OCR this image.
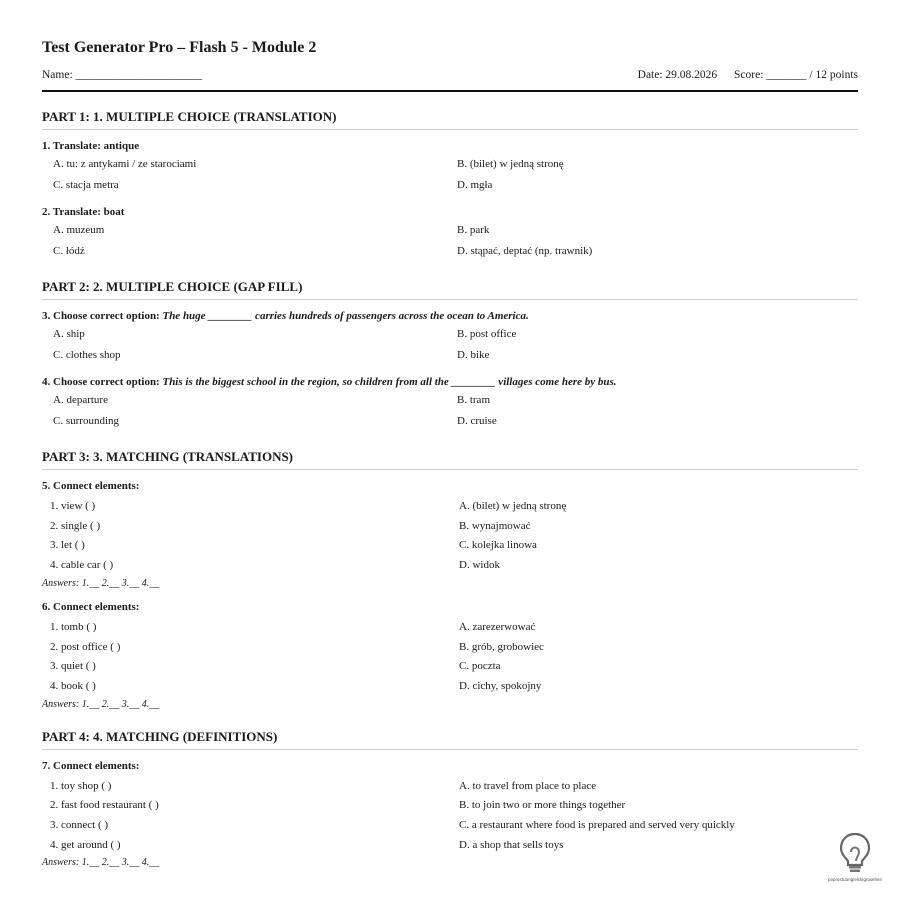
Test Generator Pro – Flash 5 - Module 2
Name: ______________________	Date: 29.08.2026 Score: _______ / 12 points
PART 1: 1. MULTIPLE CHOICE (TRANSLATION)
1. Translate: antique
A. tu: z antykami / ze starociami	B. (bilet) w jedną stronę
C. stacja metra	D. mgła
2. Translate: boat
A. muzeum	B. park
C. łódź	D. stąpać, deptać (np. trawnik)
PART 2: 2. MULTIPLE CHOICE (GAP FILL)
3. Choose correct option: The huge ________ carries hundreds of passengers across the ocean to America.
A. ship	B. post office
C. clothes shop	D. bike
4. Choose correct option: This is the biggest school in the region, so children from all the ________ villages come here by bus.
A. departure	B. tram
C. surrounding	D. cruise
PART 3: 3. MATCHING (TRANSLATIONS)
5. Connect elements:
1. view ( )	A. (bilet) w jedną stronę
2. single ( )	B. wynajmować
3. let ( )	C. kolejka linowa
4. cable car ( )	D. widok
Answers: 1.__ 2.__ 3.__ 4.__
6. Connect elements:
1. tomb ( )	A. zarezerwować
2. post office ( )	B. grób, grobowiec
3. quiet ( )	C. poczta
4. book ( )	D. cichy, spokojny
Answers: 1.__ 2.__ 3.__ 4.__
PART 4: 4. MATCHING (DEFINITIONS)
7. Connect elements:
1. toy shop ( )	A. to travel from place to place
2. fast food restaurant ( )	B. to join two or more things together
3. connect ( )	C. a restaurant where food is prepared and served very quickly
4. get around ( )	D. a shop that sells toys
Answers: 1.__ 2.__ 3.__ 4.__
poprostuangielskigrosehen
